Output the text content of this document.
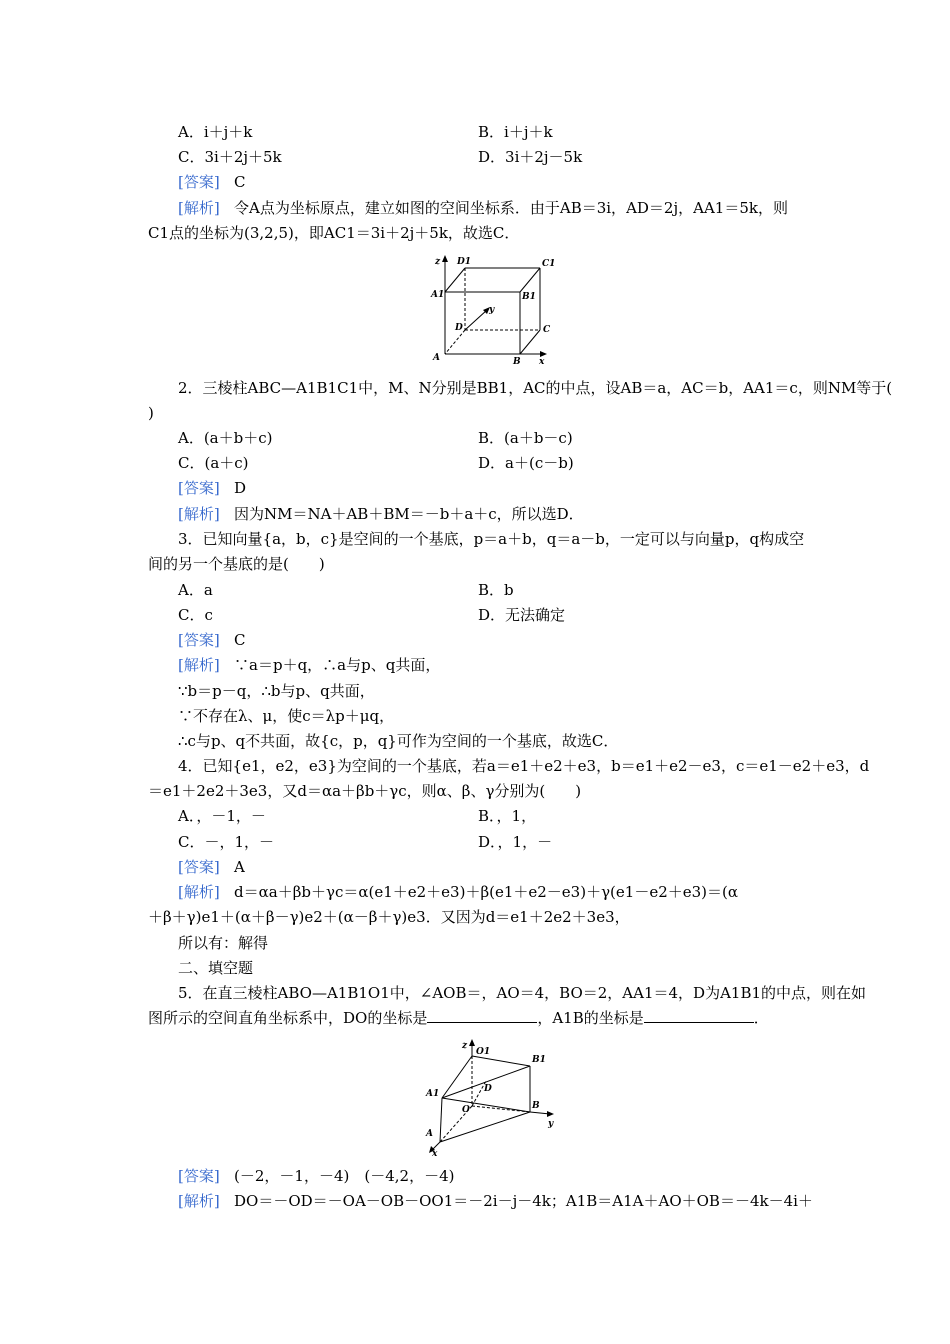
A．i＋j＋k	B．i＋j＋k
C．3i＋2j＋5k	D．3i＋2j－5k
[答案] C
[解析] 令A点为坐标原点，建立如图的空间坐标系．由于AB＝3i，AD＝2j，AA1＝5k，则
C1点的坐标为(3,2,5)，即AC1＝3i＋2j＋5k，故选C．
z D1	C1
A1	B1
y
D	C
A	B x
2．三棱柱ABC—A1B1C1中，M、N分别是BB1，AC的中点，设AB＝a，AC＝b，AA1＝c，则NM等于(
)
A．(a＋b＋c)	B．(a＋b－c)
C．(a＋c)	D．a＋(c－b)
[答案] D
[解析] 因为NM＝NA＋AB＋BM＝－b＋a＋c，所以选D．
3．已知向量{a，b，c}是空间的一个基底，p＝a＋b，q＝a－b，一定可以与向量p，q构成空
间的另一个基底的是(　　)
A．a	B．b
C．c	D．无法确定
[答案] C
[解析] ∵a＝p＋q，∴a与p、q共面，
∵b＝p－q，∴b与p、q共面，
∵不存在λ、μ，使c＝λp＋μq，
∴c与p、q不共面，故{c，p，q}可作为空间的一个基底，故选C．
4．已知{e1，e2，e3}为空间的一个基底，若a＝e1＋e2＋e3，b＝e1＋e2－e3，c＝e1－e2＋e3，d
＝e1＋2e2＋3e3，又d＝αa＋βb＋γc，则α、β、γ分别为(　　)
A．，－1，－	B．，1，
C．－，1，－	D．，1，－
[答案] A
[解析] d＝αa＋βb＋γc＝α(e1＋e2＋e3)＋β(e1＋e2－e3)＋γ(e1－e2＋e3)＝(α
＋β＋γ)e1＋(α＋β－γ)e2＋(α－β＋γ)e3．又因为d＝e1＋2e2＋3e3，
所以有：解得
二、填空题
5．在直三棱柱ABO—A1B1O1中，∠AOB＝，AO＝4，BO＝2，AA1＝4，D为A1B1的中点，则在如
图所示的空间直角坐标系中，DO的坐标是	，A1B的坐标是	．
z
O1
B1
A1	D
O	B
y
A
x
[答案] (－2，－1，－4)　(－4,2，－4)
[解析] DO＝－OD＝－OA－OB－OO1＝－2i－j－4k；A1B＝A1A＋AO＋OB＝－4k－4i＋
